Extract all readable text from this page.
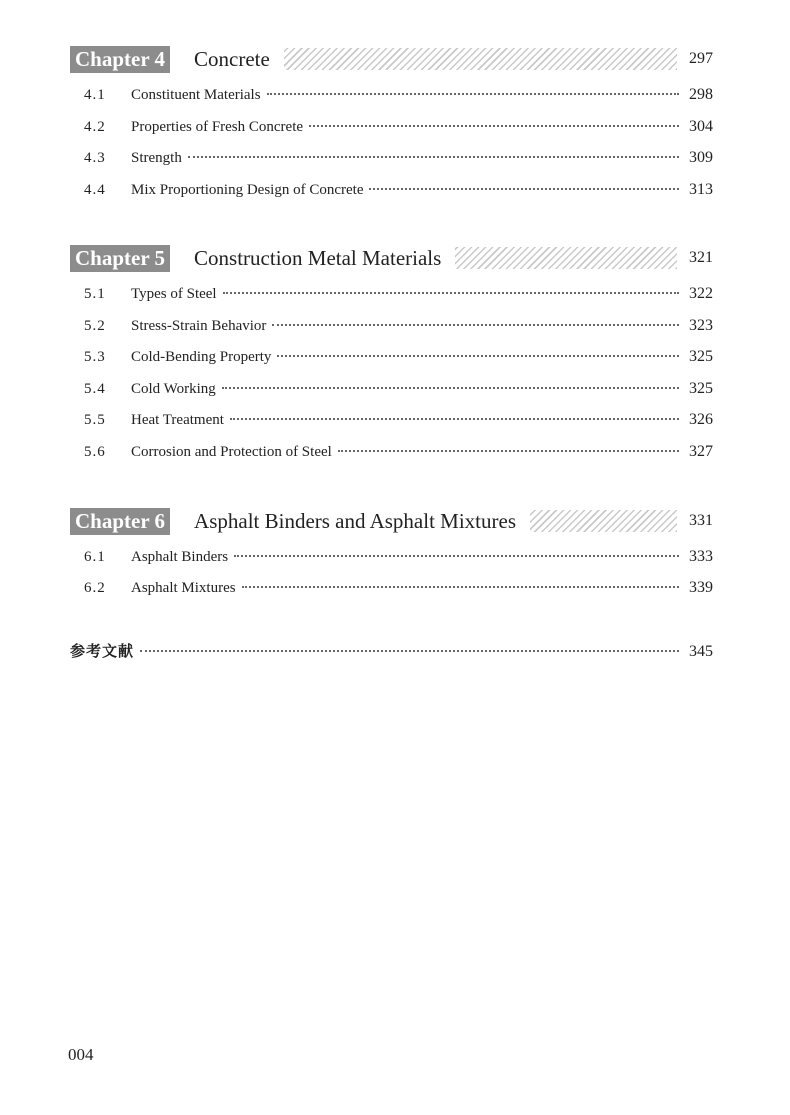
Chapter 4 Concrete	297
4.1	Constituent Materials	298
4.2	Properties of Fresh Concrete	304
4.3	Strength	309
4.4	Mix Proportioning Design of Concrete	313
Chapter 5 Construction Metal Materials	321
5.1	Types of Steel	322
5.2	Stress-Strain Behavior	323
5.3	Cold-Bending Property	325
5.4	Cold Working	325
5.5	Heat Treatment	326
5.6	Corrosion and Protection of Steel	327
Chapter 6 Asphalt Binders and Asphalt Mixtures	331
6.1	Asphalt Binders	333
6.2	Asphalt Mixtures	339
参考文献	345
004
